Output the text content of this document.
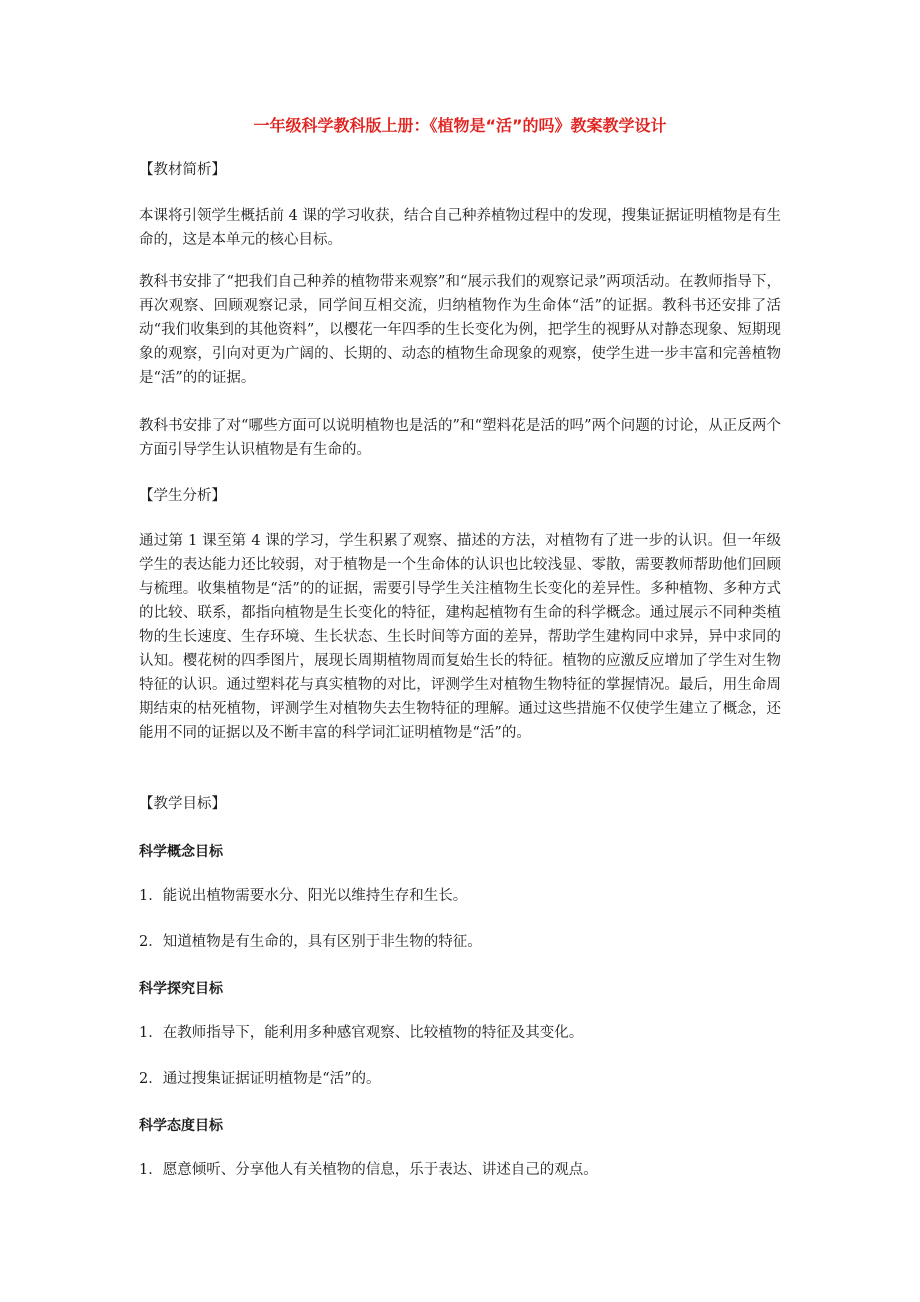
一年级科学教科版上册：《植物是“活”的吗》教案教学设计
【教材简析】

本课将引领学生概括前 4 课的学习收获，结合自己种养植物过程中的发现，搜集证据证明植物是有生命的，这是本单元的核心目标。

教科书安排了“把我们自己种养的植物带来观察”和“展示我们的观察记录”两项活动。在教师指导下，再次观察、回顾观察记录，同学间互相交流，归纳植物作为生命体“活”的证据。教科书还安排了活动“我们收集到的其他资料”，以樱花一年四季的生长变化为例，把学生的视野从对静态现象、短期现象的观察，引向对更为广阔的、长期的、动态的植物生命现象的观察，使学生进一步丰富和完善植物是“活”的的证据。

教科书安排了对“哪些方面可以说明植物也是活的”和“塑料花是活的吗”两个问题的讨论，从正反两个方面引导学生认识植物是有生命的。

【学生分析】

通过第 1 课至第 4 课的学习，学生积累了观察、描述的方法，对植物有了进一步的认识。但一年级学生的表达能力还比较弱，对于植物是一个生命体的认识也比较浅显、零散，需要教师帮助他们回顾与梳理。收集植物是“活”的的证据，需要引导学生关注植物生长变化的差异性。多种植物、多种方式的比较、联系，都指向植物是生长变化的特征，建构起植物有生命的科学概念。通过展示不同种类植物的生长速度、生存环境、生长状态、生长时间等方面的差异，帮助学生建构同中求异，异中求同的认知。樱花树的四季图片，展现长周期植物周而复始生长的特征。植物的应激反应增加了学生对生物特征的认识。通过塑料花与真实植物的对比，评测学生对植物生物特征的掌握情况。最后，用生命周期结束的枯死植物，评测学生对植物失去生物特征的理解。通过这些措施不仅使学生建立了概念，还能用不同的证据以及不断丰富的科学词汇证明植物是“活”的。

【教学目标】
科学概念目标
1．能说出植物需要水分、阳光以维持生存和生长。
2．知道植物是有生命的，具有区别于非生物的特征。
科学探究目标
1．在教师指导下，能利用多种感官观察、比较植物的特征及其变化。
2．通过搜集证据证明植物是“活”的。
科学态度目标
1．愿意倾听、分享他人有关植物的信息，乐于表达、讲述自己的观点。
